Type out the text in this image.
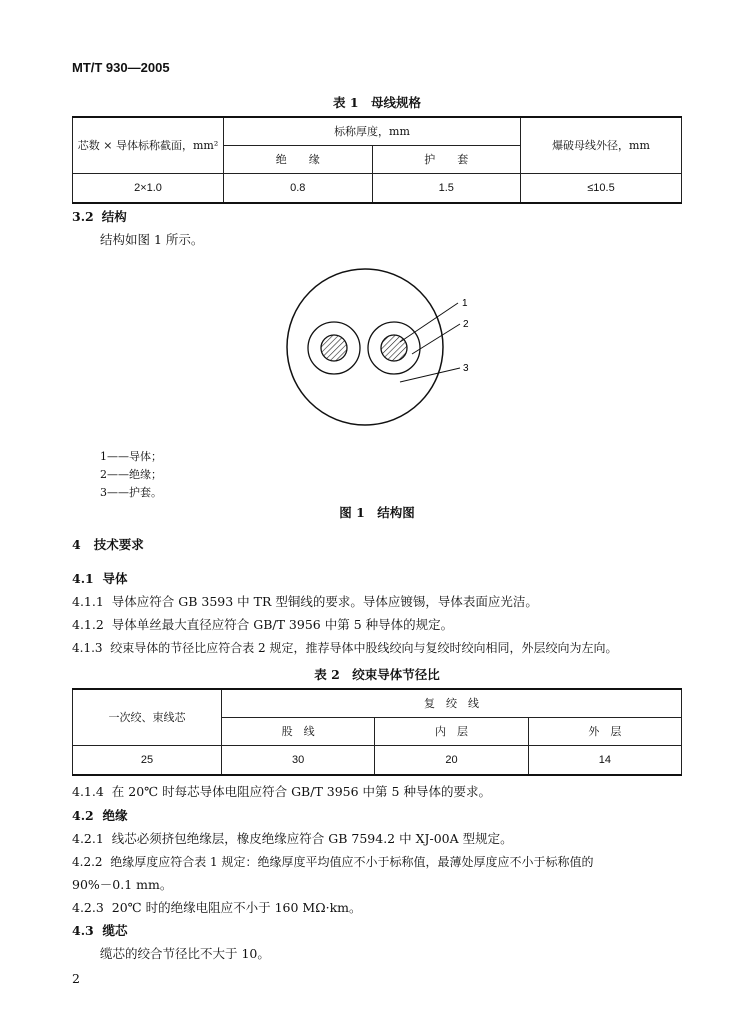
MT/T 930—2005
表 1　母线规格
芯数 × 导体标称截面，mm²	标称厚度，mm		爆破母线外径，mm
	绝　　缘	护　　套	
2×1.0	0.8	1.5	≤10.5
3.2 结构
结构如图 1 所示。
1
2
3
1——导体；
2——绝缘；
3——护套。
图 1　结构图
4 技术要求
4.1 导体
4.1.1 导体应符合 GB 3593 中 TR 型铜线的要求。导体应镀锡，导体表面应光洁。
4.1.2 导体单丝最大直径应符合 GB/T 3956 中第 5 种导体的规定。
4.1.3 绞束导体的节径比应符合表 2 规定，推荐导体中股线绞向与复绞时绞向相同，外层绞向为左向。
表 2　绞束导体节径比
一次绞、束线芯	复　绞　线		
	股　线	内　层	外　层
25	30	20	14
4.1.4 在 20℃ 时每芯导体电阻应符合 GB/T 3956 中第 5 种导体的要求。
4.2 绝缘
4.2.1 线芯必须挤包绝缘层，橡皮绝缘应符合 GB 7594.2 中 XJ-00A 型规定。
4.2.2 绝缘厚度应符合表 1 规定：绝缘厚度平均值应不小于标称值，最薄处厚度应不小于标称值的
90%－0.1 mm。
4.2.3 20℃ 时的绝缘电阻应不小于 160 MΩ·km。
4.3 缆芯
缆芯的绞合节径比不大于 10。
2
